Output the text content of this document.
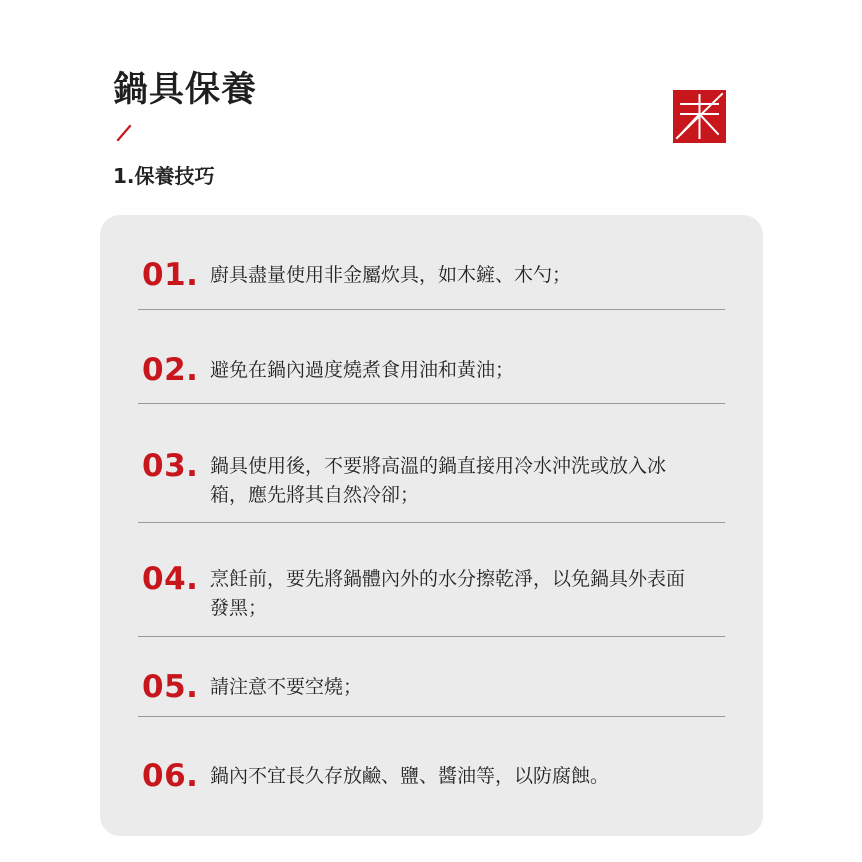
鍋具保養
1.保養技巧
01. 廚具盡量使用非金屬炊具，如木鏟、木勺；
02. 避免在鍋內過度燒煮食用油和黃油；
03. 鍋具使用後，不要將高溫的鍋直接用冷水沖洗或放入冰箱，應先將其自然冷卻；
04. 烹飪前，要先將鍋體內外的水分擦乾淨，以免鍋具外表面發黑；
05. 請注意不要空燒；
06. 鍋內不宜長久存放鹼、鹽、醬油等，以防腐蝕。
